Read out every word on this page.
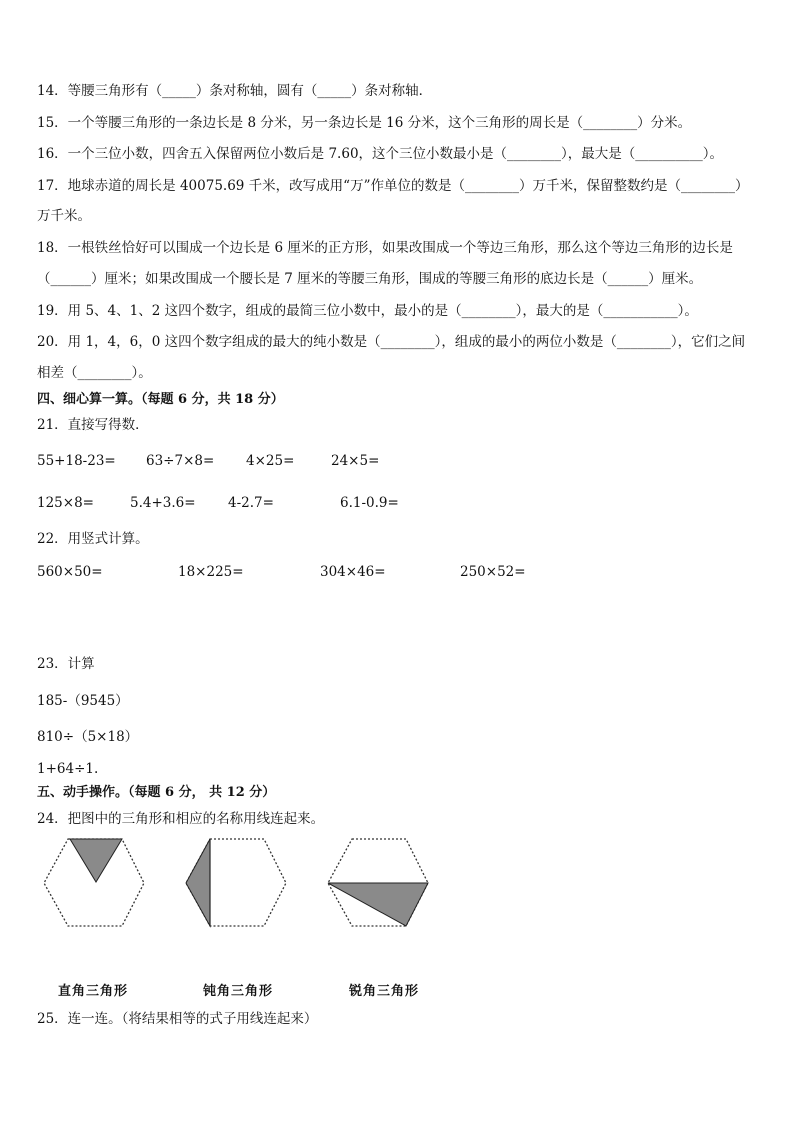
14．等腰三角形有（_____）条对称轴，圆有（_____）条对称轴．
15．一个等腰三角形的一条边长是 8 分米，另一条边长是 16 分米，这个三角形的周长是（________）分米。
16．一个三位小数，四舍五入保留两位小数后是 7.60，这个三位小数最小是（________），最大是（__________）。
17．地球赤道的周长是 40075.69 千米，改写成用“万”作单位的数是（________）万千米，保留整数约是（________）
万千米。
18．一根铁丝恰好可以围成一个边长是 6 厘米的正方形，如果改围成一个等边三角形，那么这个等边三角形的边长是
（______）厘米；如果改围成一个腰长是 7 厘米的等腰三角形，围成的等腰三角形的底边长是（______）厘米。
19．用 5、4、1、2 这四个数字，组成的最简三位小数中，最小的是（________），最大的是（___________）。
20．用 1，4，6，0 这四个数字组成的最大的纯小数是（________），组成的最小的两位小数是（________），它们之间
相差（________）。
四、细心算一算。（每题 6 分，共 18 分）
21．直接写得数．
55+18-23= 63÷7×8= 4×25=	24×5=
125×8=	5.4+3.6= 4-2.7=	6.1-0.9=
22．用竖式计算。
560×50=	18×225=	304×46=	250×52=
23．计算
185-（9545）
810÷（5×18）
1+64÷1.
五、动手操作。（每题 6 分， 共 12 分）
24．把图中的三角形和相应的名称用线连起来。
直角三角形	钝角三角形	锐角三角形
25．连一连。（将结果相等的式子用线连起来）
